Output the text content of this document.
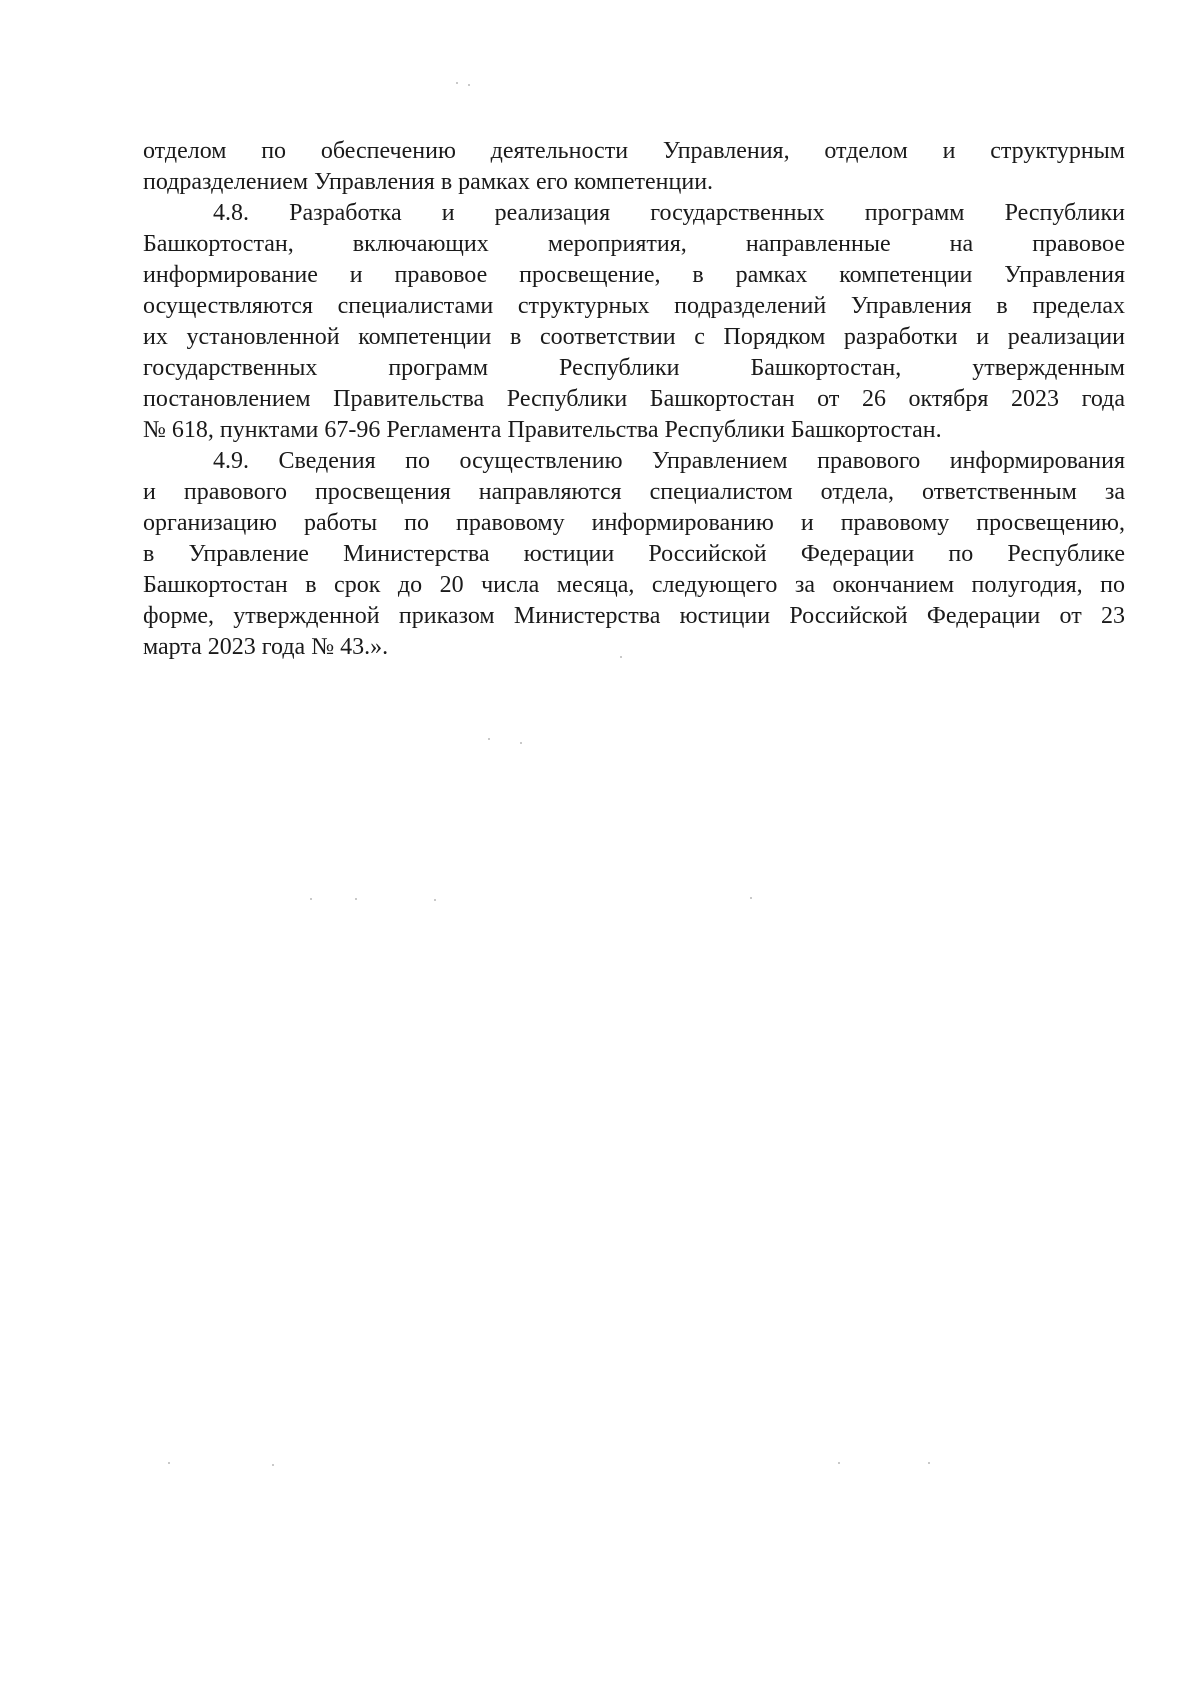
отделом по обеспечению деятельности Управления, отделом и структурным
подразделением Управления в рамках его компетенции.
4.8. Разработка и реализация государственных программ Республики
Башкортостан, включающих мероприятия, направленные на правовое
информирование и правовое просвещение, в рамках компетенции Управления
осуществляются специалистами структурных подразделений Управления в пределах
их установленной компетенции в соответствии с Порядком разработки и реализации
государственных программ Республики Башкортостан, утвержденным
постановлением Правительства Республики Башкортостан от 26 октября 2023 года
№ 618, пунктами 67-96 Регламента Правительства Республики Башкортостан.
4.9. Сведения по осуществлению Управлением правового информирования
и правового просвещения направляются специалистом отдела, ответственным за
организацию работы по правовому информированию и правовому просвещению,
в Управление Министерства юстиции Российской Федерации по Республике
Башкортостан в срок до 20 числа месяца, следующего за окончанием полугодия, по
форме, утвержденной приказом Министерства юстиции Российской Федерации от 23
марта 2023 года № 43.».
